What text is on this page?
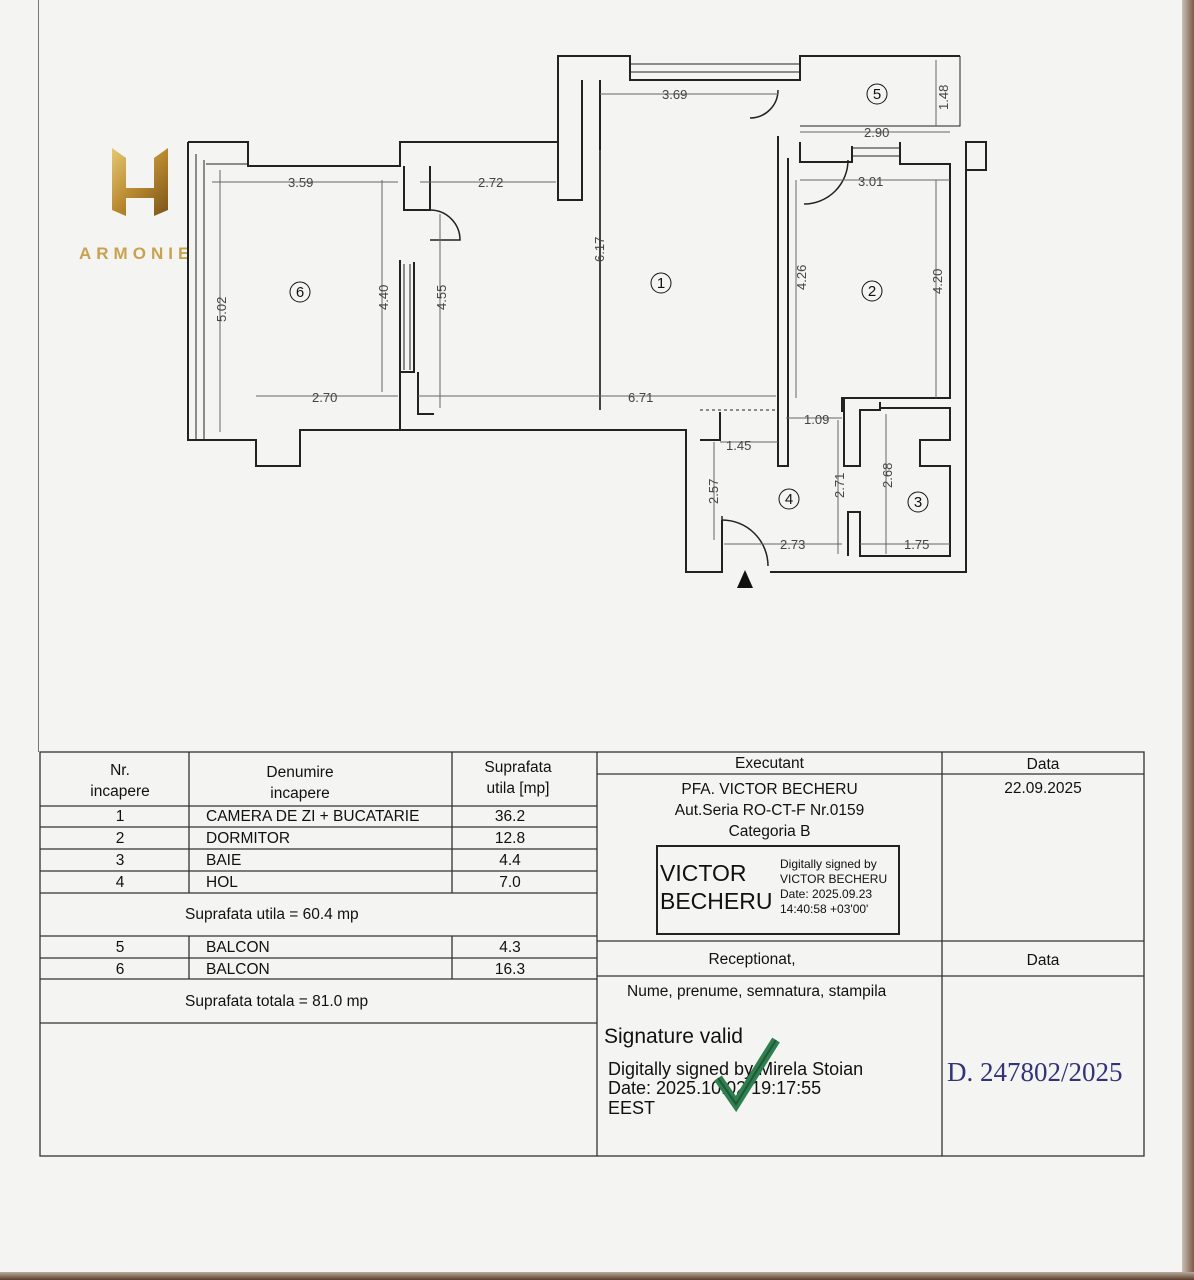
ARMONIE
3.69	1.48
2.90
3.01
3.59	2.72
6.17
4.26	4.20
5.02	4.40	4.55
2.70	6.71
1.09
1.45
2.57	2.71	2.68
2.73	1.75
1	2
3
4
5
6
Nr.
incapere
Denumire
incapere
Suprafata
utila [mp]
1	CAMERA DE ZI + BUCATARIE	36.2
2	DORMITOR	12.8
3	BAIE	4.4
4	HOL	7.0
Suprafata utila = 60.4 mp
5	BALCON	4.3
6	BALCON	16.3
Suprafata totala = 81.0 mp
Executant
PFA. VICTOR BECHERU
Aut.Seria RO-CT-F Nr.0159
Categoria B
VICTOR
BECHERU
Digitally signed by
VICTOR BECHERU
Date: 2025.09.23
14:40:58 +03'00'
Data
22.09.2025
Data
Receptionat,
Nume, prenume, semnatura, stampila
Signature valid
Digitally signed by Mirela Stoian
Date: 2025.10.02 19:17:55
EEST
D. 247802/2025
